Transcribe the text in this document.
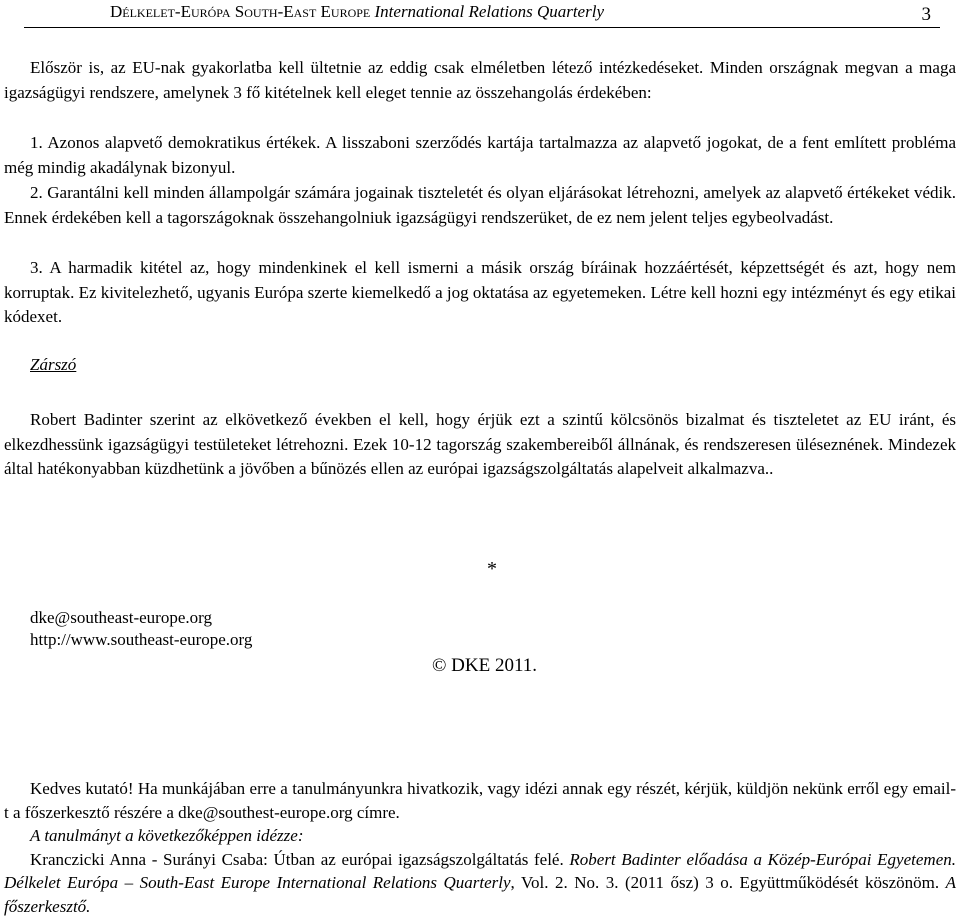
Délkelet-Európa South-East Europe International Relations Quarterly	3
Először is, az EU-nak gyakorlatba kell ültetnie az eddig csak elméletben létező intézkedéseket. Minden országnak megvan a maga igazságügyi rendszere, amelynek 3 fő kitételnek kell eleget tennie az összehangolás érdekében:
1. Azonos alapvető demokratikus értékek. A lisszaboni szerződés kartája tartalmazza az alapvető jogokat, de a fent említett probléma még mindig akadálynak bizonyul.
2. Garantálni kell minden állampolgár számára jogainak tiszteletét és olyan eljárásokat létrehozni, amelyek az alapvető értékeket védik. Ennek érdekében kell a tagországoknak összehangolniuk igazságügyi rendszerüket, de ez nem jelent teljes egybeolvadást.
3. A harmadik kitétel az, hogy mindenkinek el kell ismerni a másik ország bíráinak hozzáértését, képzettségét és azt, hogy nem korruptak. Ez kivitelezhető, ugyanis Európa szerte kiemelkedő a jog oktatása az egyetemeken. Létre kell hozni egy intézményt és egy etikai kódexet.
Zárszó
Robert Badinter szerint az elkövetkező években el kell, hogy érjük ezt a szintű kölcsönös bizalmat és tiszteletet az EU iránt, és elkezdhessünk igazságügyi testületeket létrehozni. Ezek 10-12 tagország szakembereiből állnának, és rendszeresen ülésezné​nek. Mindezek által hatékonyabban küzdhetünk a jövőben a bűnözés ellen az európai igazságszolgáltatás alapelveit alkalmazva..
*
dke@southeast-europe.org
http://www.southeast-europe.org
© DKE 2011.

Kedves kutató! Ha munkájában erre a tanulmányunkra hivatkozik, vagy idézi annak egy részét, kérjük, küldjön nekünk erről egy email-t a főszerkesztő részére a dke@southest-europe.org címre.

A tanulmányt a következőképpen idézze:

Kranczicki Anna - Surányi Csaba: Útban az európai igazságszolgáltatás felé. Robert Badinter előadása a Közép-Európai Egyetemen. Délkelet Európa – South-East Europe International Relations Quarterly, Vol. 2. No. 3. (2011 ősz) 3 o. Együttműködését köszönöm. A főszerkesztő.
